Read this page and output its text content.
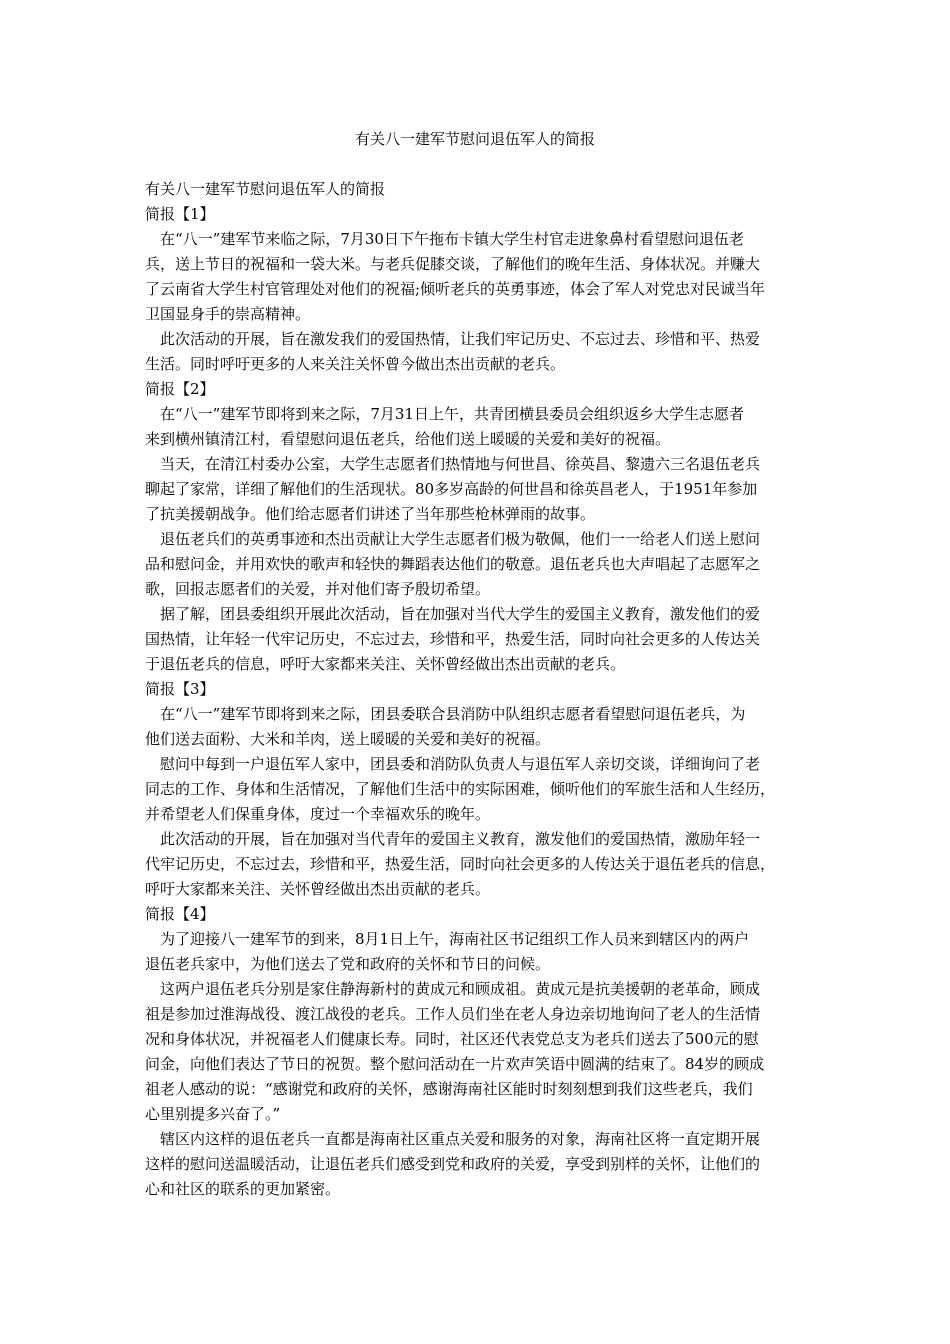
有关八一建军节慰问退伍军人的简报

有关八一建军节慰问退伍军人的简报

简报【1】

　在“八一”建军节来临之际，7月30日下午拖布卡镇大学生村官走进象鼻村看望慰问退伍老

兵，送上节日的祝福和一袋大米。与老兵促膝交谈，了解他们的晚年生活、身体状况。并赚大

了云南省大学生村官管理处对他们的祝福;倾听老兵的英勇事迹，体会了军人对党忠对民诚当年

卫国显身手的崇高精神。

　此次活动的开展，旨在激发我们的爱国热情，让我们牢记历史、不忘过去、珍惜和平、热爱

生活。同时呼吁更多的人来关注关怀曾今做出杰出贡献的老兵。

简报【2】

　在“八一”建军节即将到来之际，7月31日上午，共青团横县委员会组织返乡大学生志愿者

来到横州镇清江村，看望慰问退伍老兵，给他们送上暖暖的关爱和美好的祝福。

　当天，在清江村委办公室，大学生志愿者们热情地与何世昌、徐英昌、黎遗六三名退伍老兵

聊起了家常，详细了解他们的生活现状。80多岁高龄的何世昌和徐英昌老人，于1951年参加

了抗美援朝战争。他们给志愿者们讲述了当年那些枪林弹雨的故事。

　退伍老兵们的英勇事迹和杰出贡献让大学生志愿者们极为敬佩，他们一一给老人们送上慰问

品和慰问金，并用欢快的歌声和轻快的舞蹈表达他们的敬意。退伍老兵也大声唱起了志愿军之

歌，回报志愿者们的关爱，并对他们寄予殷切希望。

　据了解，团县委组织开展此次活动，旨在加强对当代大学生的爱国主义教育，激发他们的爱

国热情，让年轻一代牢记历史，不忘过去，珍惜和平，热爱生活，同时向社会更多的人传达关

于退伍老兵的信息，呼吁大家都来关注、关怀曾经做出杰出贡献的老兵。

简报【3】

　在“八一”建军节即将到来之际，团县委联合县消防中队组织志愿者看望慰问退伍老兵，为

他们送去面粉、大米和羊肉，送上暖暖的关爱和美好的祝福。

　慰问中每到一户退伍军人家中，团县委和消防队负责人与退伍军人亲切交谈，详细询问了老

同志的工作、身体和生活情况，了解他们生活中的实际困难，倾听他们的军旅生活和人生经历，

并希望老人们保重身体，度过一个幸福欢乐的晚年。

　此次活动的开展，旨在加强对当代青年的爱国主义教育，激发他们的爱国热情，激励年轻一

代牢记历史，不忘过去，珍惜和平，热爱生活，同时向社会更多的人传达关于退伍老兵的信息，

呼吁大家都来关注、关怀曾经做出杰出贡献的老兵。

简报【4】

　为了迎接八一建军节的到来，8月1日上午，海南社区书记组织工作人员来到辖区内的两户

退伍老兵家中，为他们送去了党和政府的关怀和节日的问候。

　这两户退伍老兵分别是家住静海新村的黄成元和顾成祖。黄成元是抗美援朝的老革命，顾成

祖是参加过淮海战役、渡江战役的老兵。工作人员们坐在老人身边亲切地询问了老人的生活情

况和身体状况，并祝福老人们健康长寿。同时，社区还代表党总支为老兵们送去了500元的慰

问金，向他们表达了节日的祝贺。整个慰问活动在一片欢声笑语中圆满的结束了。84岁的顾成

祖老人感动的说：“感谢党和政府的关怀，感谢海南社区能时时刻刻想到我们这些老兵，我们

心里别提多兴奋了。”

　辖区内这样的退伍老兵一直都是海南社区重点关爱和服务的对象，海南社区将一直定期开展

这样的慰问送温暖活动，让退伍老兵们感受到党和政府的关爱，享受到别样的关怀，让他们的

心和社区的联系的更加紧密。
